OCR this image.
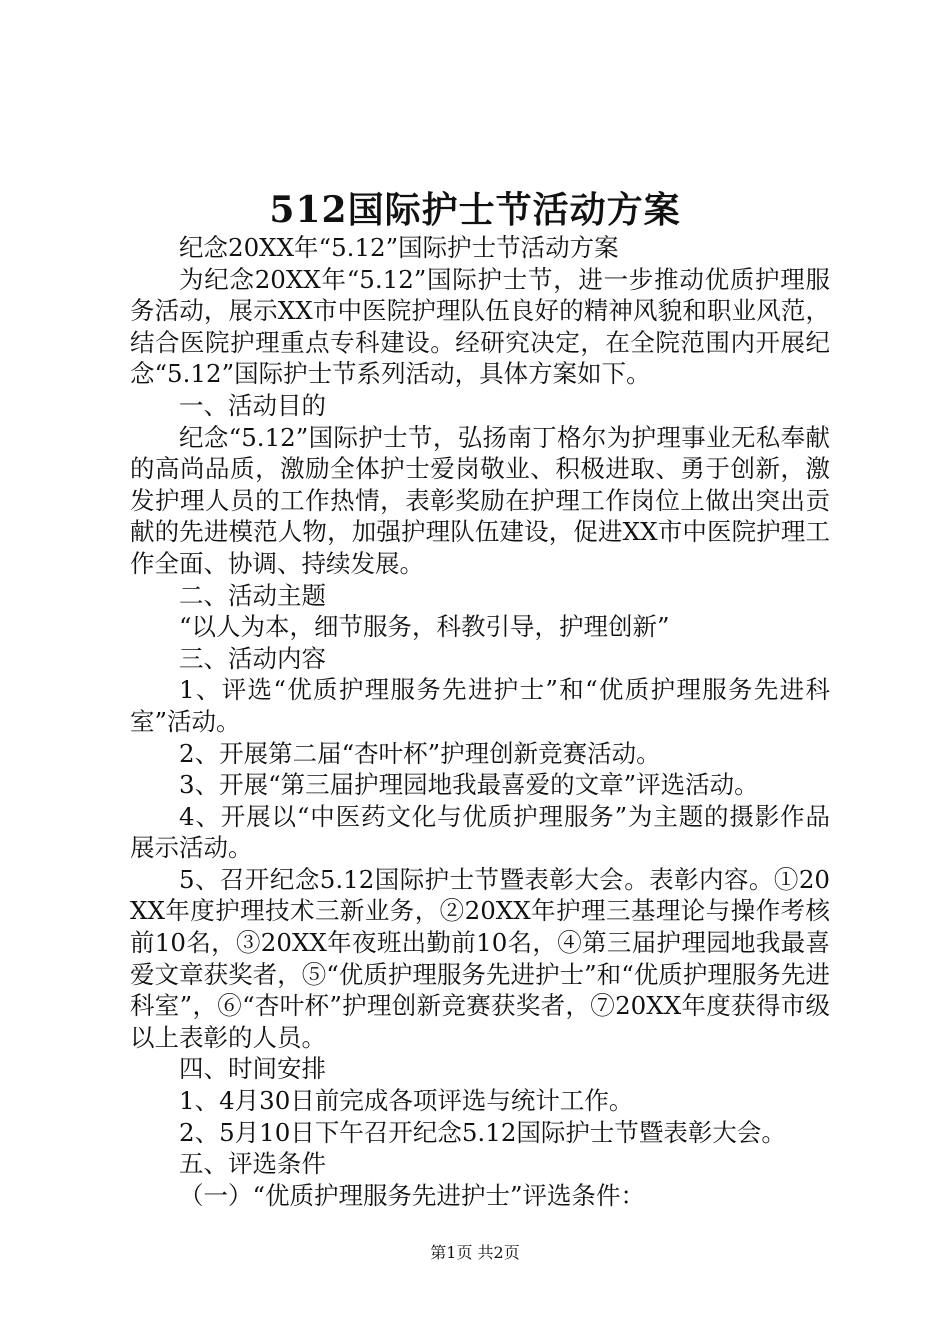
512国际护士节活动方案

纪念20XX年“5.12”国际护士节活动方案

为纪念20XX年“5.12”国际护士节，进一步推动优质护理服务活动，展示XX市中医院护理队伍良好的精神风貌和职业风范，结合医院护理重点专科建设。经研究决定，在全院范围内开展纪念“5.12”国际护士节系列活动，具体方案如下。

一、活动目的

纪念“5.12”国际护士节，弘扬南丁格尔为护理事业无私奉献的高尚品质，激励全体护士爱岗敬业、积极进取、勇于创新，激发护理人员的工作热情，表彰奖励在护理工作岗位上做出突出贡献的先进模范人物，加强护理队伍建设，促进XX市中医院护理工作全面、协调、持续发展。

二、活动主题

“以人为本，细节服务，科教引导，护理创新”

三、活动内容

1、评选“优质护理服务先进护士”和“优质护理服务先进科室”活动。

2、开展第二届“杏叶杯”护理创新竞赛活动。

3、开展“第三届护理园地我最喜爱的文章”评选活动。

4、开展以“中医药文化与优质护理服务”为主题的摄影作品展示活动。

5、召开纪念5.12国际护士节暨表彰大会。表彰内容。①20XX年度护理技术三新业务，②20XX年护理三基理论与操作考核前10名，③20XX年夜班出勤前10名，④第三届护理园地我最喜爱文章获奖者，⑤“优质护理服务先进护士”和“优质护理服务先进科室”，⑥“杏叶杯”护理创新竞赛获奖者，⑦20XX年度获得市级以上表彰的人员。

四、时间安排

1、4月30日前完成各项评选与统计工作。

2、5月10日下午召开纪念5.12国际护士节暨表彰大会。

五、评选条件

（一）“优质护理服务先进护士”评选条件：

第1页 共2页
